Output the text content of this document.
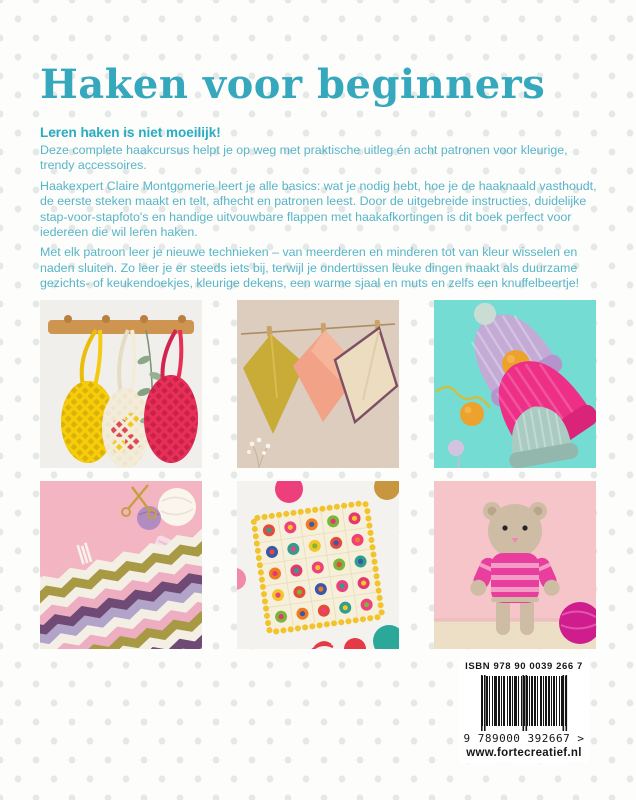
Haken voor beginners
Leren haken is niet moeilijk!

Deze complete haakcursus helpt je op weg met praktische uitleg én acht patronen voor kleurige, trendy accessoires.

Haakexpert Claire Montgomerie leert je alle basics: wat je nodig hebt, hoe je de haaknaald vasthoudt, de eerste steken maakt en telt, afhecht en patronen leest. Door de uitgebreide instructies, duidelijke stap-voor-stapfoto's en handige uitvouwbare flappen met haakafkortingen is dit boek perfect voor iedereen die wil leren haken.

Met elk patroon leer je nieuwe technieken – van meerderen en minderen tot van kleur wisselen en naden sluiten. Zo leer je er steeds iets bij, terwijl je ondertussen leuke dingen maakt als duurzame gezichts- of keukendoekjes, kleurige dekens, een warme sjaal en muts en zelfs een knuffelbeertje!

ISBN 978 90 0039 266 7
9 789000 392667 >
www.fortecreatief.nl
